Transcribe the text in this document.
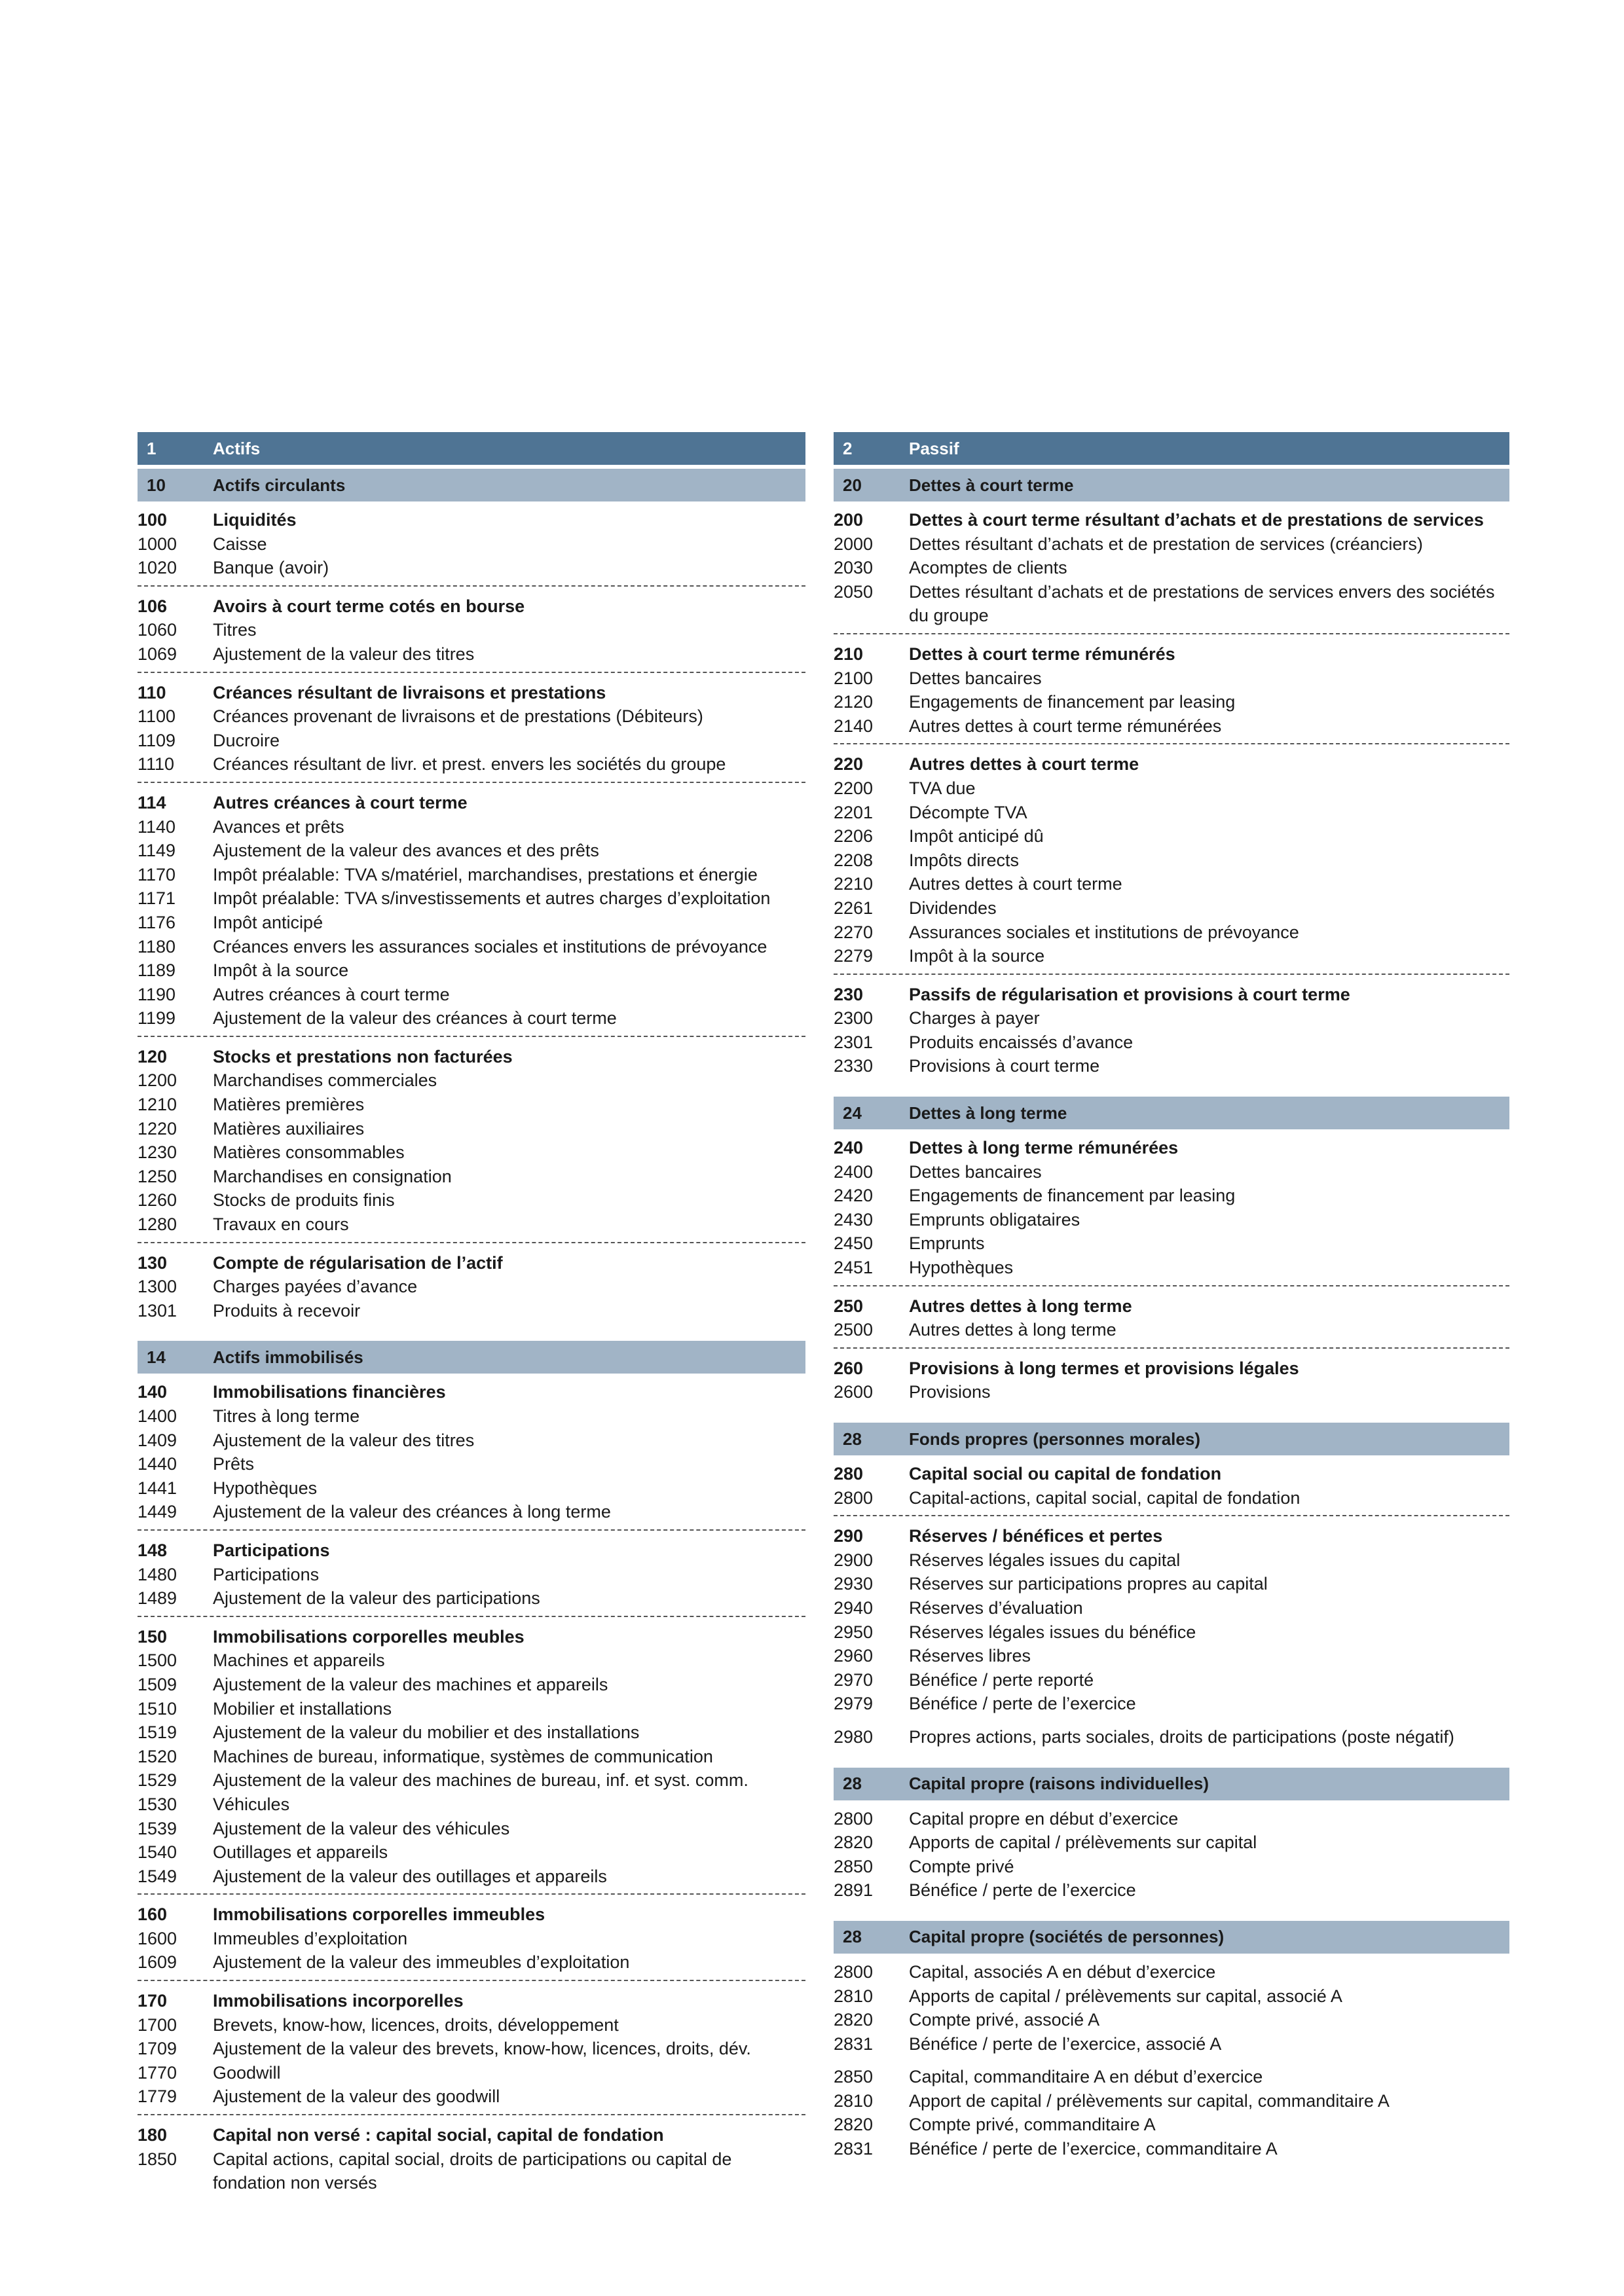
1	Actifs
10	Actifs circulants
100	Liquidités
1000	Caisse
1020	Banque (avoir)
106	Avoirs à court terme cotés en bourse
1060	Titres
1069	Ajustement de la valeur des titres
110	Créances résultant de livraisons et prestations
1100	Créances provenant de livraisons et de prestations (Débiteurs)
1109	Ducroire
1110	Créances résultant de livr. et prest. envers les sociétés du groupe
114	Autres créances à court terme
1140	Avances et prêts
1149	Ajustement de la valeur des avances et des prêts
1170	Impôt préalable: TVA s/matériel, marchandises, prestations et énergie
1171	Impôt préalable: TVA s/investissements et autres charges d’exploitation
1176	Impôt anticipé
1180	Créances envers les assurances sociales et institutions de prévoyance
1189	Impôt à la source
1190	Autres créances à court terme
1199	Ajustement de la valeur des créances à court terme
120	Stocks et prestations non facturées
1200	Marchandises commerciales
1210	Matières premières
1220	Matières auxiliaires
1230	Matières consommables
1250	Marchandises en consignation
1260	Stocks de produits finis
1280	Travaux en cours
130	Compte de régularisation de l’actif
1300	Charges payées d’avance
1301	Produits à recevoir
14	Actifs immobilisés
140	Immobilisations financières
1400	Titres à long terme
1409	Ajustement de la valeur des titres
1440	Prêts
1441	Hypothèques
1449	Ajustement de la valeur des créances à long terme
148	Participations
1480	Participations
1489	Ajustement de la valeur des participations
150	Immobilisations corporelles meubles
1500	Machines et appareils
1509	Ajustement de la valeur des machines et appareils
1510	Mobilier et installations
1519	Ajustement de la valeur du mobilier et des installations
1520	Machines de bureau, informatique, systèmes de communication
1529	Ajustement de la valeur des machines de bureau, inf. et syst. comm.
1530	Véhicules
1539	Ajustement de la valeur des véhicules
1540	Outillages et appareils
1549	Ajustement de la valeur des outillages et appareils
160	Immobilisations corporelles immeubles
1600	Immeubles d’exploitation
1609	Ajustement de la valeur des immeubles d’exploitation
170	Immobilisations incorporelles
1700	Brevets, know-how, licences, droits, développement
1709	Ajustement de la valeur des brevets, know-how, licences, droits, dév.
1770	Goodwill
1779	Ajustement de la valeur des goodwill
180	Capital non versé : capital social, capital de fondation
1850	Capital actions, capital social, droits de participations ou capital de fondation non versés
2	Passif
20	Dettes à court terme
200	Dettes à court terme résultant d’achats et de prestations de services
2000	Dettes résultant d’achats et de prestation de services (créanciers)
2030	Acomptes de clients
2050	Dettes résultant d’achats et de prestations de services envers des sociétés du groupe
210	Dettes à court terme rémunérés
2100	Dettes bancaires
2120	Engagements de financement par leasing
2140	Autres dettes à court terme rémunérées
220	Autres dettes à court terme
2200	TVA due
2201	Décompte TVA
2206	Impôt anticipé dû
2208	Impôts directs
2210	Autres dettes à court terme
2261	Dividendes
2270	Assurances sociales et institutions de prévoyance
2279	Impôt à la source
230	Passifs de régularisation et provisions à court terme
2300	Charges à payer
2301	Produits encaissés d’avance
2330	Provisions à court terme
24	Dettes à long terme
240	Dettes à long terme rémunérées
2400	Dettes bancaires
2420	Engagements de financement par leasing
2430	Emprunts obligataires
2450	Emprunts
2451	Hypothèques
250	Autres dettes à long terme
2500	Autres dettes à long terme
260	Provisions à long termes et provisions légales
2600	Provisions
28	Fonds propres (personnes morales)
280	Capital social ou capital de fondation
2800	Capital-actions, capital social, capital de fondation
290	Réserves / bénéfices et pertes
2900	Réserves légales issues du capital
2930	Réserves sur participations propres au capital
2940	Réserves d’évaluation
2950	Réserves légales issues du bénéfice
2960	Réserves libres
2970	Bénéfice / perte reporté
2979	Bénéfice / perte de l’exercice
2980	Propres actions, parts sociales, droits de participations (poste négatif)
28	Capital propre (raisons individuelles)
2800	Capital propre en début d’exercice
2820	Apports de capital / prélèvements sur capital
2850	Compte privé
2891	Bénéfice / perte de l’exercice
28	Capital propre (sociétés de personnes)
2800	Capital, associés A en début d’exercice
2810	Apports de capital / prélèvements sur capital, associé A
2820	Compte privé, associé A
2831	Bénéfice / perte de l’exercice, associé A
2850	Capital, commanditaire A en début d’exercice
2810	Apport de capital / prélèvements sur capital, commanditaire A
2820	Compte privé, commanditaire A
2831	Bénéfice / perte de l’exercice, commanditaire A
